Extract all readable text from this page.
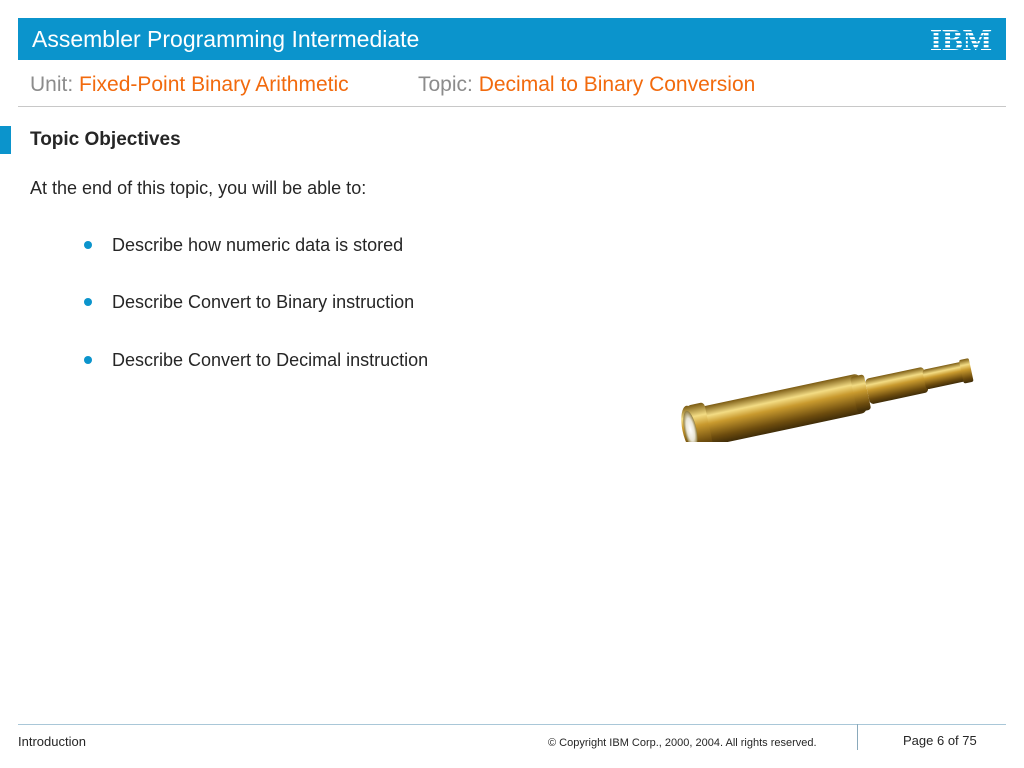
Assembler Programming Intermediate	IBM
Unit: Fixed-Point Binary Arithmetic	Topic: Decimal to Binary Conversion
Topic Objectives
At the end of this topic, you will be able to:
Describe how numeric data is stored
Describe Convert to Binary instruction
Describe Convert to Decimal instruction
Introduction	© Copyright IBM Corp., 2000, 2004. All rights reserved.	Page 6 of 75
